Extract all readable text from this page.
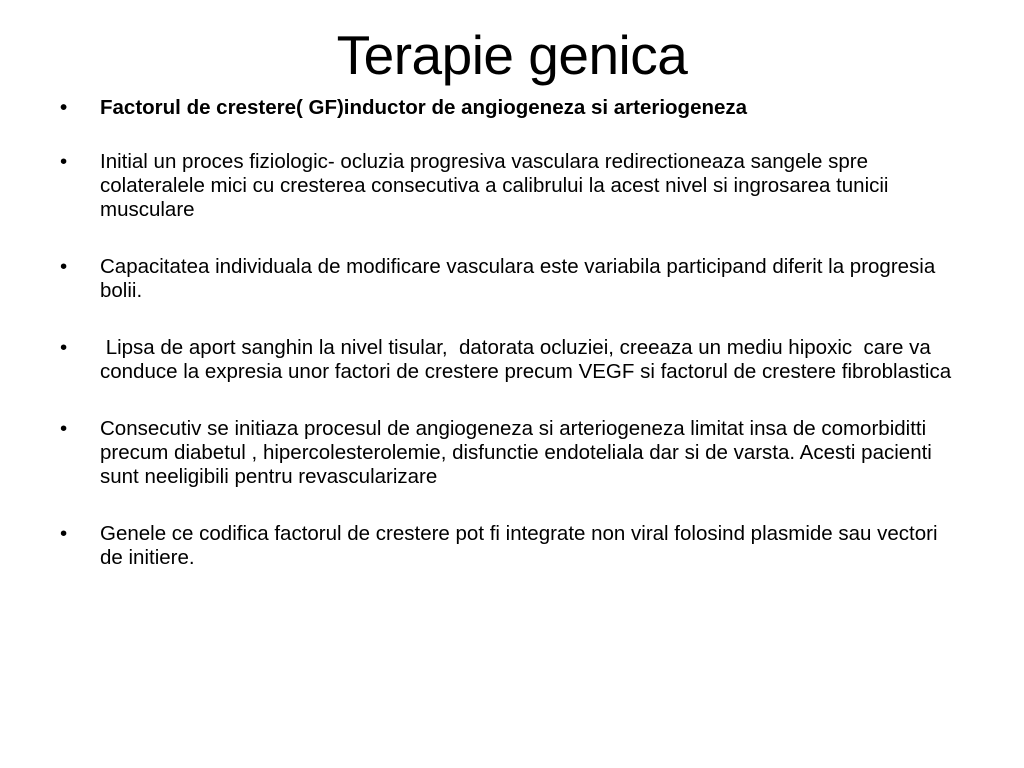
Terapie genica
•	Factorul de crestere( GF)inductor de angiogeneza si arteriogeneza
•	Initial un proces fiziologic- ocluzia progresiva vasculara redirectioneaza sangele spre colateralele mici cu cresterea consecutiva a calibrului la acest nivel si ingrosarea tunicii musculare
•	Capacitatea individuala de modificare vasculara este variabila participand diferit la progresia bolii.
•	Lipsa de aport sanghin la nivel tisular,  datorata ocluziei, creeaza un mediu hipoxic  care va conduce la expresia unor factori de crestere precum VEGF si factorul de crestere fibroblastica
•	Consecutiv se initiaza procesul de angiogeneza si arteriogeneza limitat insa de comorbiditti precum diabetul , hipercolesterolemie, disfunctie endoteliala dar si de varsta. Acesti pacienti sunt neeligibili pentru revascularizare
•	Genele ce codifica factorul de crestere pot fi integrate non viral folosind plasmide sau vectori de initiere.
